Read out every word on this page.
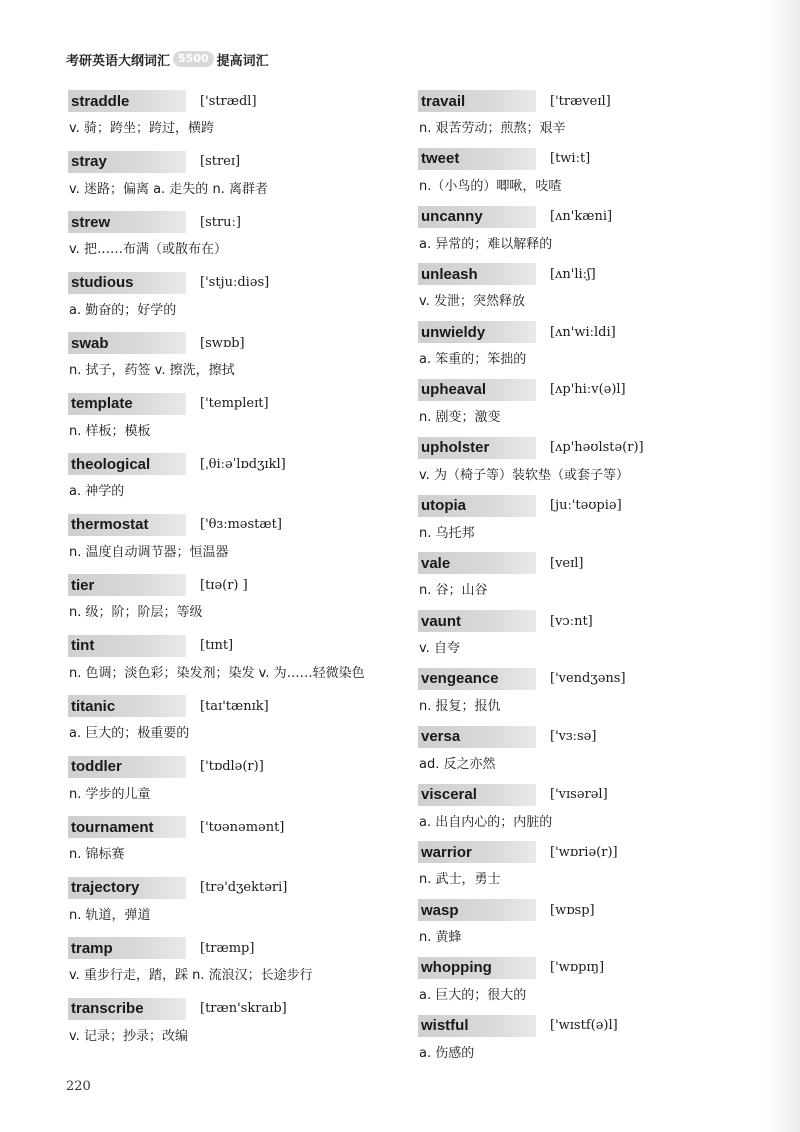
考研英语大纲词汇 5500 提高词汇
straddle	['strædl]
v. 骑；跨坐；跨过，横跨
stray	[streɪ]
v. 迷路；偏离 a. 走失的 n. 离群者
strew	[struː]
v. 把……布满（或散布在）
studious	['stjuːdiəs]
a. 勤奋的；好学的
swab	[swɒb]
n. 拭子，药签 v. 擦洗，擦拭
template	['templeɪt]
n. 样板；模板
theological	[ˌθiːəˈlɒdʒɪkl]
a. 神学的
thermostat	['θɜːməstæt]
n. 温度自动调节器；恒温器
tier	[tɪə(r) ]
n. 级；阶；阶层；等级
tint	[tɪnt]
n. 色调；淡色彩；染发剂；染发 v. 为……轻微染色
titanic	[taɪ'tænɪk]
a. 巨大的；极重要的
toddler	['tɒdlə(r)]
n. 学步的儿童
tournament	['tʊənəmənt]
n. 锦标赛
trajectory	[trə'dʒektəri]
n. 轨道，弹道
tramp	[træmp]
v. 重步行走，踏，踩 n. 流浪汉；长途步行
transcribe	[træn'skraɪb]
v. 记录；抄录；改编
travail	['træveɪl]
n. 艰苦劳动；煎熬；艰辛
tweet	[twiːt]
n.（小鸟的）唧啾，吱喳
uncanny	[ʌn'kæni]
a. 异常的；难以解释的
unleash	[ʌn'liːʃ]
v. 发泄；突然释放
unwieldy	[ʌn'wiːldi]
a. 笨重的；笨拙的
upheaval	[ʌp'hiːv(ə)l]
n. 剧变；激变
upholster	[ʌp'həʊlstə(r)]
v. 为（椅子等）装软垫（或套子等）
utopia	[juː'təʊpiə]
n. 乌托邦
vale	[veɪl]
n. 谷；山谷
vaunt	[vɔːnt]
v. 自夸
vengeance	['vendʒəns]
n. 报复；报仇
versa	['vɜːsə]
ad. 反之亦然
visceral	['vɪsərəl]
a. 出自内心的；内脏的
warrior	['wɒriə(r)]
n. 武士，勇士
wasp	[wɒsp]
n. 黄蜂
whopping	['wɒpɪŋ]
a. 巨大的；很大的
wistful	['wɪstf(ə)l]
a. 伤感的
220
